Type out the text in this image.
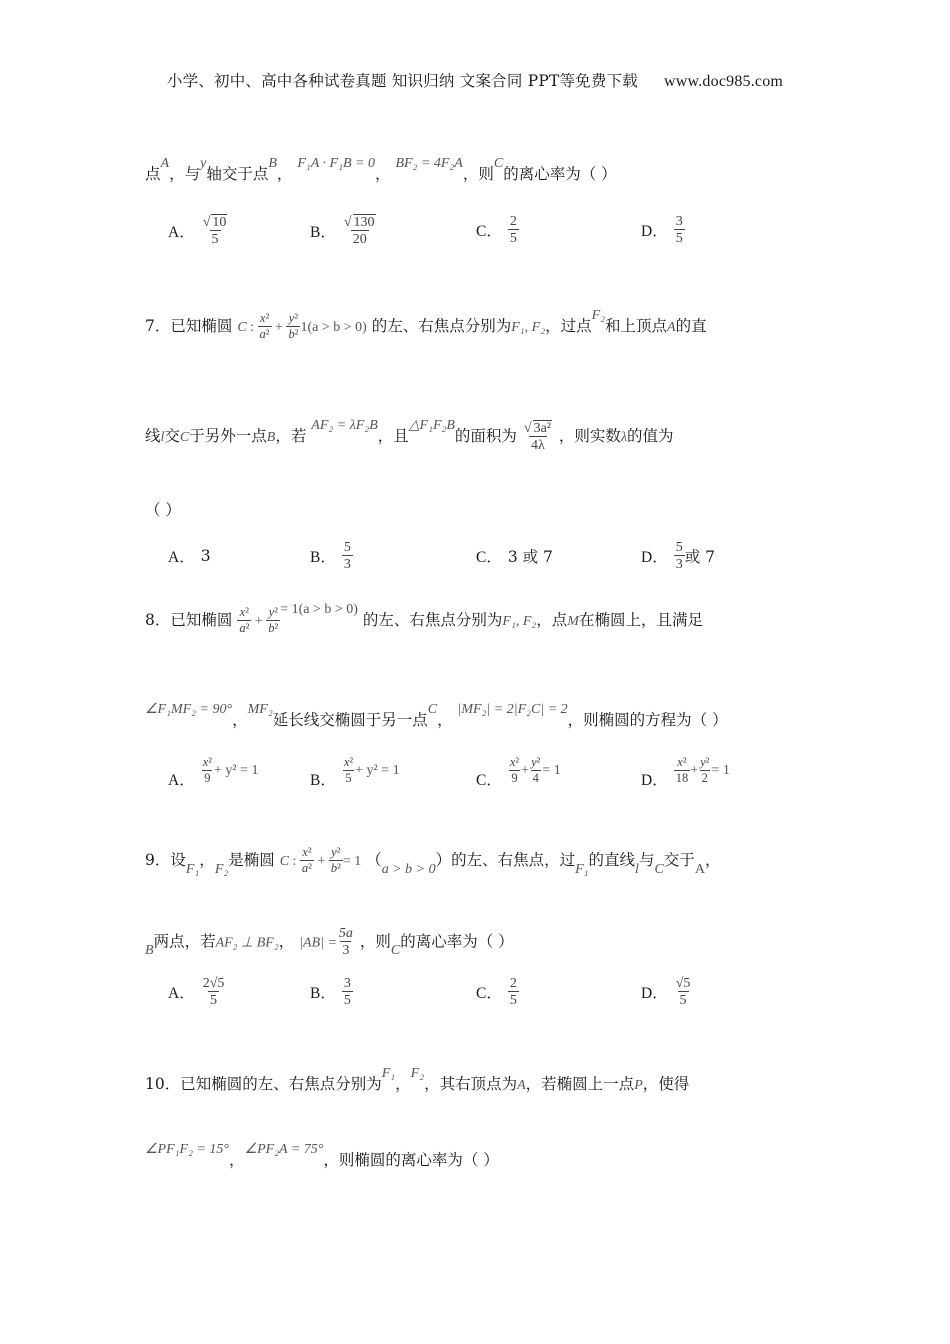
小学、初中、高中各种试卷真题 知识归纳 文案合同 PPT等免费下载 www.doc985.com
点A，与y轴交于点B， F₁A · F₁B = 0， BF₂ = 4F₂A，则C的离心率为（ ）
A． $\frac{√ 10}{5}$	B． $\frac{√ 130}{20}$	C． $\frac{2}{5}$	D． $\frac{3}{5}$
7．已知椭圆 C : $\frac{\text{x²}}{\text{a²}} + \frac{\text{y²}}{\text{b²}} 1(a > b > 0)$ 的左、右焦点分别为F₁, F₂，过点F₂和上顶点A的直
线l交C于另外一点B，若 AF₂ = λF₂B，且△F₁F₂B的面积为 $\frac{\text{√ 3a²}}{4\lambda}$ ，则实数λ的值为
（ ）
A． 3	B． $\frac{5}{3}$	C． 3 或 7	D． $\frac{5}{3}$ 或 7
8．已知椭圆 $\frac{\text{x²}}{\text{a²}} + \frac{\text{y²}}{\text{b²}} = 1(a > b > 0)$ 的左、右焦点分别为F₁, F₂，点M在椭圆上，且满足
∠F₁MF₂ = 90°，MF₂延长线交椭圆于另一点C， |MF₂| = 2|F₂C| = 2，则椭圆的方程为（ ）
A． $\frac{\text{x²}}{9} + y^2 = 1$
B． $\frac{\text{x²}}{5} + y^2 = 1$
C． $\frac{\text{x²}}{9} + \frac{\text{y²}}{4} = 1$
D． $\frac{\text{x²}}{18} + \frac{\text{y²}}{2} = 1$
9．设F₁，F₂是椭圆 C : $\frac{\text{x²}}{\text{a²}} + \frac{\text{y²}}{\text{b²}} = 1$ （a > b > 0）的左、右焦点，过F₁的直线l与C交于A，
B两点，若AF₂ ⊥ BF₂， $|AB| = \frac{5a}{3}$ ，则C的离心率为（ ）
A． $\frac{2√5}{5}$	B． $\frac{3}{5}$	C． $\frac{2}{5}$	D． $\frac{√5}{5}$
10．已知椭圆的左、右焦点分别为F₁，F₂，其右顶点为A，若椭圆上一点P，使得
∠PF₁F₂ = 15°，∠PF₂A = 75°，则椭圆的离心率为（ ）
